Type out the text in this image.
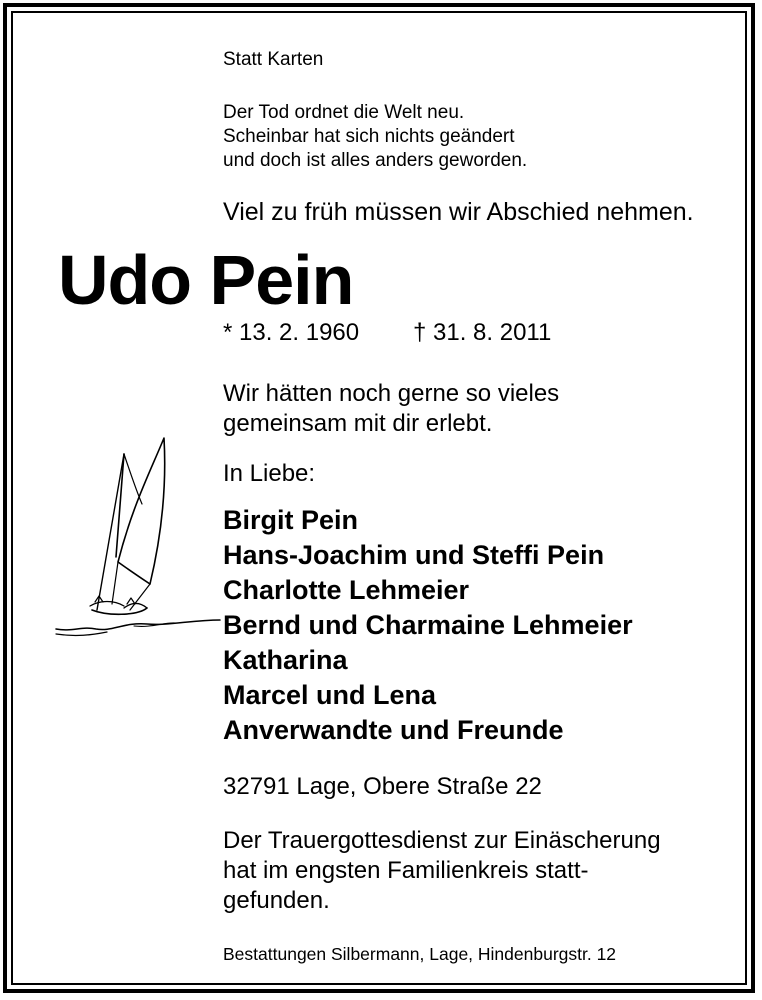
Statt Karten
Der Tod ordnet die Welt neu.
Scheinbar hat sich nichts geändert
und doch ist alles anders geworden.
Viel zu früh müssen wir Abschied nehmen.
Udo Pein
* 13. 2. 1960 † 31. 8. 2011
Wir hätten noch gerne so vieles
gemeinsam mit dir erlebt.
In Liebe:
Birgit Pein
Hans-Joachim und Steffi Pein
Charlotte Lehmeier
Bernd und Charmaine Lehmeier
Katharina
Marcel und Lena
Anverwandte und Freunde
32791 Lage, Obere Straße 22
Der Trauergottesdienst zur Einäscherung
hat im engsten Familienkreis statt-
gefunden.
Bestattungen Silbermann, Lage, Hindenburgstr. 12
